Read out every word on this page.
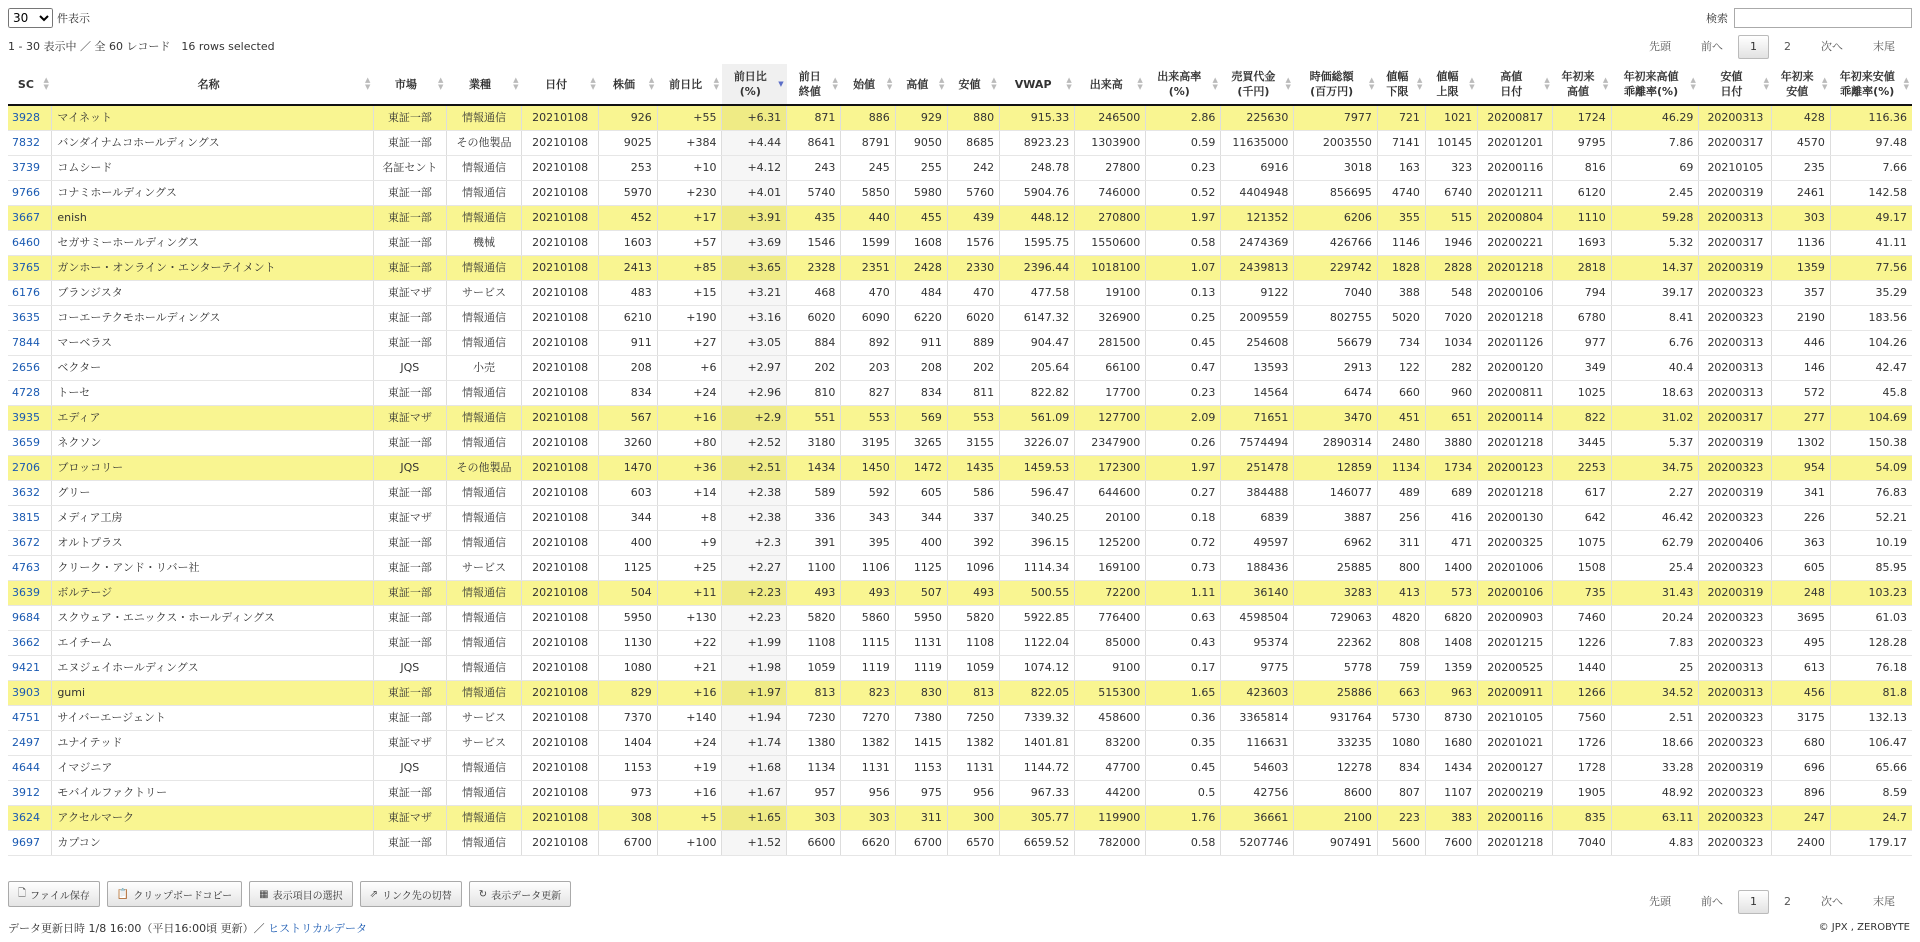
30
件表示	検索
1 - 30 表示中 ／ 全 60 レコード　16 rows selected	先頭	前へ	1	2	次へ	末尾
SC ▲
▼	名称 ▲
▼	市場 ▲
▼	業種 ▲
▼	日付 ▲
▼	株価 ▲
▼	前日比 ▲
▼	前日比
(%)
▼	前日
終値
▲
▼	始値 ▲
▼	高値 ▲
▼	安値 ▲
▼	VWAP ▲
▼	出来高 ▲
▼	出来高率
(%)
▲
▼	売買代金
(千円)
▲
▼	時価総額
(百万円)
▲
▼	値幅
下限
▲
▼	値幅
上限
▲
▼	高値
日付
▲
▼	年初来
高値
▲
▼	年初来高値
乖離率(%)
▲
▼	安値
日付
▲
▼	年初来
安値
▲
▼	年初来安値
乖離率(%)
▲
▼

3928	マイネット	東証一部	情報通信	20210108	926	+55	+6.31	871	886	929	880	915.33	246500	2.86	225630	7977	721	1021	20200817	1724	46.29	20200313	428	116.36
7832	バンダイナムコホールディングス	東証一部	その他製品	20210108	9025	+384	+4.44	8641	8791	9050	8685	8923.23	1303900	0.59	11635000	2003550	7141	10145	20201201	9795	7.86	20200317	4570	97.48
3739	コムシード	名証セント	情報通信	20210108	253	+10	+4.12	243	245	255	242	248.78	27800	0.23	6916	3018	163	323	20200116	816	69	20210105	235	7.66
9766	コナミホールディングス	東証一部	情報通信	20210108	5970	+230	+4.01	5740	5850	5980	5760	5904.76	746000	0.52	4404948	856695	4740	6740	20201211	6120	2.45	20200319	2461	142.58
3667	enish	東証一部	情報通信	20210108	452	+17	+3.91	435	440	455	439	448.12	270800	1.97	121352	6206	355	515	20200804	1110	59.28	20200313	303	49.17
6460	セガサミーホールディングス	東証一部	機械	20210108	1603	+57	+3.69	1546	1599	1608	1576	1595.75	1550600	0.58	2474369	426766	1146	1946	20200221	1693	5.32	20200317	1136	41.11
3765	ガンホー・オンライン・エンターテイメント	東証一部	情報通信	20210108	2413	+85	+3.65	2328	2351	2428	2330	2396.44	1018100	1.07	2439813	229742	1828	2828	20201218	2818	14.37	20200319	1359	77.56
6176	ブランジスタ	東証マザ	サービス	20210108	483	+15	+3.21	468	470	484	470	477.58	19100	0.13	9122	7040	388	548	20200106	794	39.17	20200323	357	35.29
3635	コーエーテクモホールディングス	東証一部	情報通信	20210108	6210	+190	+3.16	6020	6090	6220	6020	6147.32	326900	0.25	2009559	802755	5020	7020	20201218	6780	8.41	20200323	2190	183.56
7844	マーベラス	東証一部	情報通信	20210108	911	+27	+3.05	884	892	911	889	904.47	281500	0.45	254608	56679	734	1034	20201126	977	6.76	20200313	446	104.26
2656	ベクター	JQS	小売	20210108	208	+6	+2.97	202	203	208	202	205.64	66100	0.47	13593	2913	122	282	20200120	349	40.4	20200313	146	42.47
4728	トーセ	東証一部	情報通信	20210108	834	+24	+2.96	810	827	834	811	822.82	17700	0.23	14564	6474	660	960	20200811	1025	18.63	20200313	572	45.8
3935	エディア	東証マザ	情報通信	20210108	567	+16	+2.9	551	553	569	553	561.09	127700	2.09	71651	3470	451	651	20200114	822	31.02	20200317	277	104.69
3659	ネクソン	東証一部	情報通信	20210108	3260	+80	+2.52	3180	3195	3265	3155	3226.07	2347900	0.26	7574494	2890314	2480	3880	20201218	3445	5.37	20200319	1302	150.38
2706	ブロッコリー	JQS	その他製品	20210108	1470	+36	+2.51	1434	1450	1472	1435	1459.53	172300	1.97	251478	12859	1134	1734	20200123	2253	34.75	20200323	954	54.09
3632	グリー	東証一部	情報通信	20210108	603	+14	+2.38	589	592	605	586	596.47	644600	0.27	384488	146077	489	689	20201218	617	2.27	20200319	341	76.83
3815	メディア工房	東証マザ	情報通信	20210108	344	+8	+2.38	336	343	344	337	340.25	20100	0.18	6839	3887	256	416	20200130	642	46.42	20200323	226	52.21
3672	オルトプラス	東証一部	情報通信	20210108	400	+9	+2.3	391	395	400	392	396.15	125200	0.72	49597	6962	311	471	20200325	1075	62.79	20200406	363	10.19
4763	クリーク・アンド・リバー社	東証一部	サービス	20210108	1125	+25	+2.27	1100	1106	1125	1096	1114.34	169100	0.73	188436	25885	800	1400	20201006	1508	25.4	20200323	605	85.95
3639	ボルテージ	東証一部	情報通信	20210108	504	+11	+2.23	493	493	507	493	500.55	72200	1.11	36140	3283	413	573	20200106	735	31.43	20200319	248	103.23
9684	スクウェア・エニックス・ホールディングス	東証一部	情報通信	20210108	5950	+130	+2.23	5820	5860	5950	5820	5922.85	776400	0.63	4598504	729063	4820	6820	20200903	7460	20.24	20200323	3695	61.03
3662	エイチーム	東証一部	情報通信	20210108	1130	+22	+1.99	1108	1115	1131	1108	1122.04	85000	0.43	95374	22362	808	1408	20201215	1226	7.83	20200323	495	128.28
9421	エヌジェイホールディングス	JQS	情報通信	20210108	1080	+21	+1.98	1059	1119	1119	1059	1074.12	9100	0.17	9775	5778	759	1359	20200525	1440	25	20200313	613	76.18
3903	gumi	東証一部	情報通信	20210108	829	+16	+1.97	813	823	830	813	822.05	515300	1.65	423603	25886	663	963	20200911	1266	34.52	20200313	456	81.8
4751	サイバーエージェント	東証一部	サービス	20210108	7370	+140	+1.94	7230	7270	7380	7250	7339.32	458600	0.36	3365814	931764	5730	8730	20210105	7560	2.51	20200323	3175	132.13
2497	ユナイテッド	東証マザ	サービス	20210108	1404	+24	+1.74	1380	1382	1415	1382	1401.81	83200	0.35	116631	33235	1080	1680	20201021	1726	18.66	20200323	680	106.47
4644	イマジニア	JQS	情報通信	20210108	1153	+19	+1.68	1134	1131	1153	1131	1144.72	47700	0.45	54603	12278	834	1434	20200127	1728	33.28	20200319	696	65.66
3912	モバイルファクトリー	東証一部	情報通信	20210108	973	+16	+1.67	957	956	975	956	967.33	44200	0.5	42756	8600	807	1107	20200219	1905	48.92	20200323	896	8.59
3624	アクセルマーク	東証マザ	情報通信	20210108	308	+5	+1.65	303	303	311	300	305.77	119900	1.76	36661	2100	223	383	20200116	835	63.11	20200323	247	24.7
9697	カプコン	東証一部	情報通信	20210108	6700	+100	+1.52	6600	6620	6700	6570	6659.52	782000	0.58	5207746	907491	5600	7600	20201218	7040	4.83	20200323	2400	179.17
🗋 ファイル保存	📋 クリップボードコピー	▦ 表示項目の選択	⇗ リンク先の切替	↻ 表示データ更新	先頭	前へ	1	2	次へ	末尾
データ更新日時 1/8 16:00（平日16:00頃 更新）／ ヒストリカルデータ	© JPX , ZEROBYTE
